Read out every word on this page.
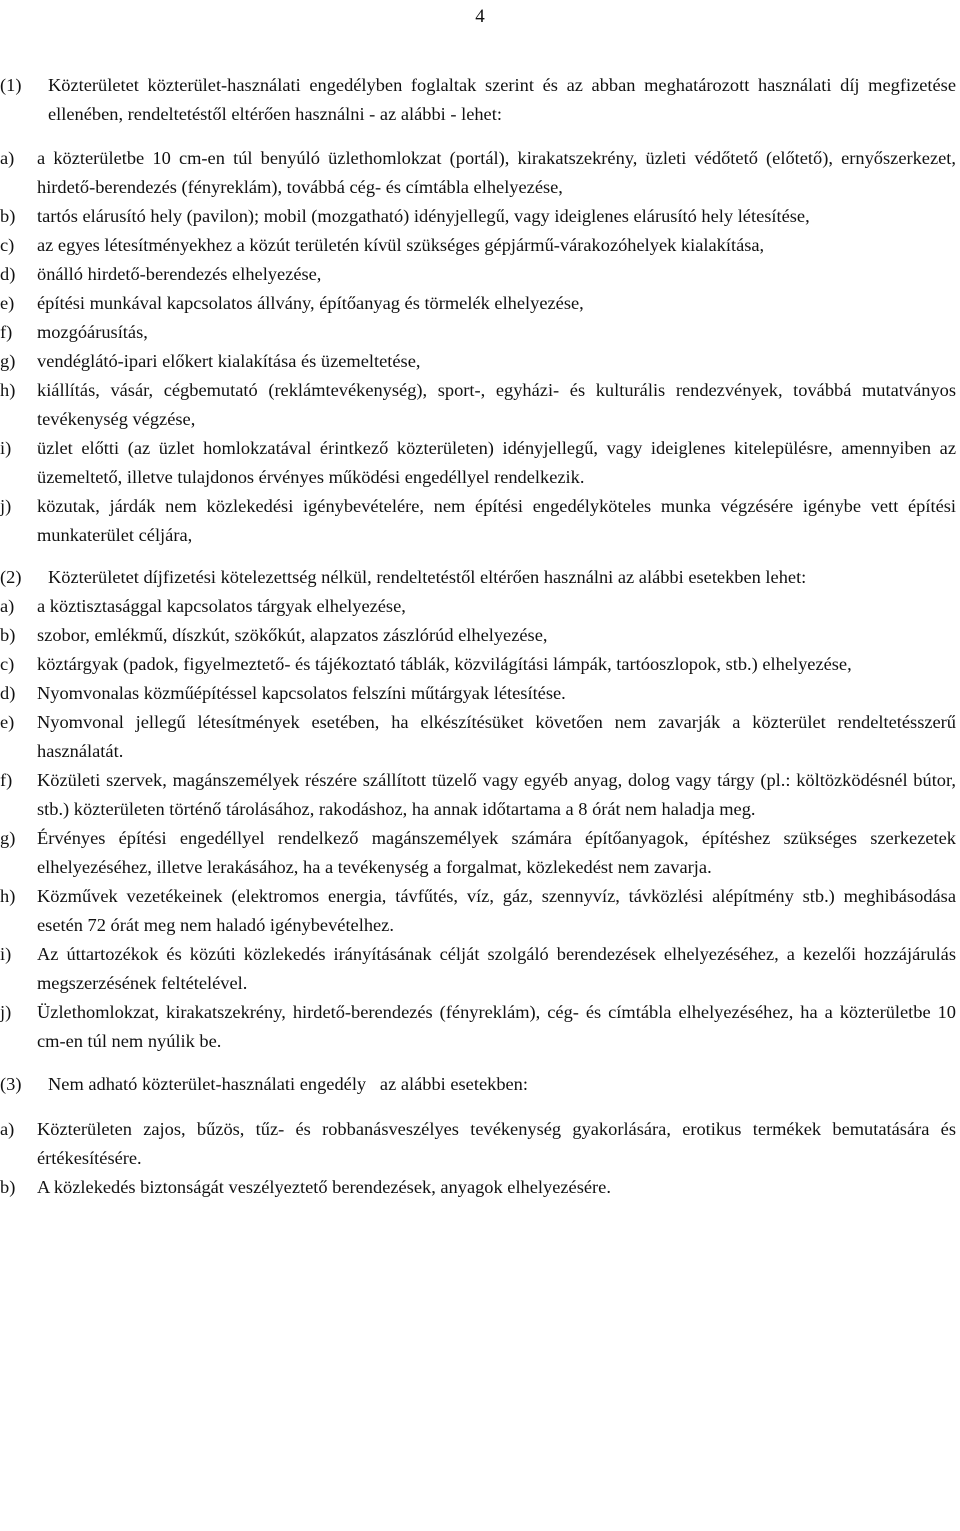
4
(1)	Közterületet közterület-használati engedélyben foglaltak szerint és az abban meghatározott használati díj megfizetése ellenében, rendeltetéstől eltérően használni - az alábbi - lehet:
a)	a közterületbe 10 cm-en túl benyúló üzlethomlokzat (portál), kirakatszekrény, üzleti védőtető (előtető), ernyőszerkezet, hirdető-berendezés (fényreklám), továbbá cég- és címtábla elhelyezése,
b)	tartós elárusító hely (pavilon); mobil (mozgatható) idényjellegű, vagy ideiglenes elárusító hely létesítése,
c)	az egyes létesítményekhez a közút területén kívül szükséges gépjármű-várakozóhelyek kialakítása,
d)	önálló hirdető-berendezés elhelyezése,
e)	építési munkával kapcsolatos állvány, építőanyag és törmelék elhelyezése,
f)	mozgóárusítás,
g)	vendéglátó-ipari előkert kialakítása és üzemeltetése,
h)	kiállítás, vásár, cégbemutató (reklámtevékenység), sport-, egyházi- és kulturális rendezvények, továbbá mutatványos tevékenység végzése,
i)	üzlet előtti (az üzlet homlokzatával érintkező közterületen) idényjellegű, vagy ideiglenes kitelepülésre, amennyiben az üzemeltető, illetve tulajdonos érvényes működési engedéllyel rendelkezik.
j)	közutak, járdák nem közlekedési igénybevételére, nem építési engedélyköteles munka végzésére igénybe vett építési munkaterület céljára,
(2)	Közterületet díjfizetési kötelezettség nélkül, rendeltetéstől eltérően használni az alábbi esetekben lehet:
a)	a köztisztasággal kapcsolatos tárgyak elhelyezése,
b)	szobor, emlékmű, díszkút, szökőkút, alapzatos zászlórúd elhelyezése,
c)	köztárgyak (padok, figyelmeztető- és tájékoztató táblák, közvilágítási lámpák, tartóoszlopok, stb.) elhelyezése,
d)	Nyomvonalas közműépítéssel kapcsolatos felszíni műtárgyak létesítése.
e)	Nyomvonal jellegű létesítmények esetében, ha elkészítésüket követően nem zavarják a közterület rendeltetésszerű használatát.
f)	Közületi szervek, magánszemélyek részére szállított tüzelő vagy egyéb anyag, dolog vagy tárgy (pl.: költözködésnél bútor, stb.) közterületen történő tárolásához, rakodáshoz, ha annak időtartama a 8 órát nem haladja meg.
g)	Érvényes építési engedéllyel rendelkező magánszemélyek számára építőanyagok, építéshez szükséges szerkezetek elhelyezéséhez, illetve lerakásához, ha a tevékenység a forgalmat, közlekedést nem zavarja.
h)	Közművek vezetékeinek (elektromos energia, távfűtés, víz, gáz, szennyvíz, távközlési alépítmény stb.) meghibásodása esetén 72 órát meg nem haladó igénybevételhez.
i)	Az úttartozékok és közúti közlekedés irányításának célját szolgáló berendezések elhelyezéséhez, a kezelői hozzájárulás megszerzésének feltételével.
j)	Üzlethomlokzat, kirakatszekrény, hirdető-berendezés (fényreklám), cég- és címtábla elhelyezéséhez, ha a közterületbe 10 cm-en túl nem nyúlik be.
(3)	Nem adható közterület-használati engedély   az alábbi esetekben:
a)	Közterületen zajos, bűzös, tűz- és robbanásveszélyes tevékenység gyakorlására, erotikus termékek bemutatására és értékesítésére.
b)	A közlekedés biztonságát veszélyeztető berendezések, anyagok elhelyezésére.
